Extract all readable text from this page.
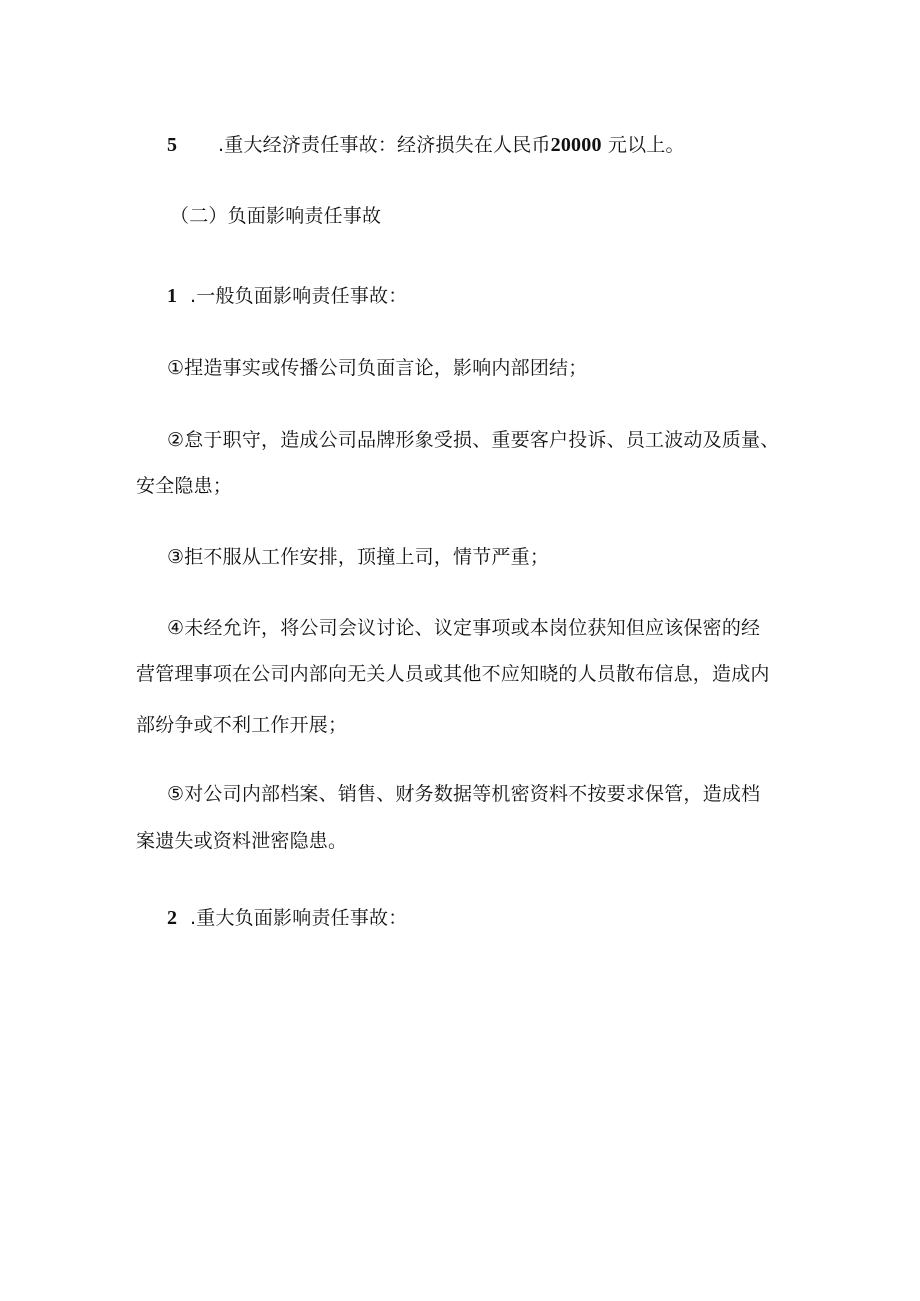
5 .重大经济责任事故：经济损失在人民币20000 元以上。
（二）负面影响责任事故
1 .一般负面影响责任事故：
①捏造事实或传播公司负面言论，影响内部团结；
②怠于职守，造成公司品牌形象受损、重要客户投诉、员工波动及质量、
安全隐患；
③拒不服从工作安排，顶撞上司，情节严重；
④未经允许，将公司会议讨论、议定事项或本岗位获知但应该保密的经
营管理事项在公司内部向无关人员或其他不应知晓的人员散布信息，造成内
部纷争或不利工作开展；
⑤对公司内部档案、销售、财务数据等机密资料不按要求保管，造成档
案遗失或资料泄密隐患。
2 .重大负面影响责任事故：
